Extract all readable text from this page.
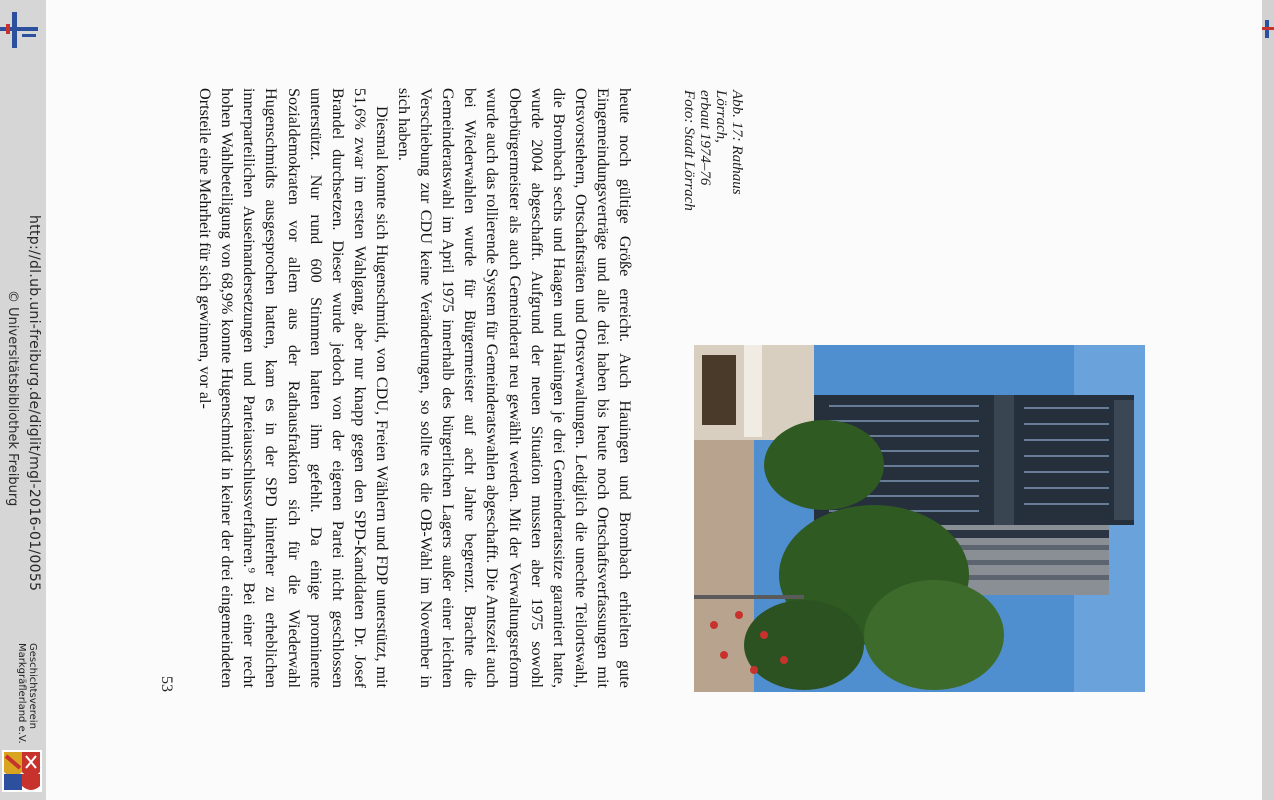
heute noch gültige Größe erreicht. Auch Hauingen und Brombach erhielten gute Eingemeindungsverträge und alle drei haben bis heute noch Ortschaftsverfassungen mit Ortsvorstehern, Ortschaftsräten und Ortsverwaltungen. Lediglich die unechte Teilortswahl, die Brombach sechs und Haagen und Hauingen je drei Gemeinderatssitze garantiert hatte, wurde 2004 abgeschafft. Aufgrund der neuen Situation mussten aber 1975 sowohl Oberbürgermeister als auch Gemeinderat neu gewählt werden. Mit der Verwaltungsreform wurde auch das rollierende System für Gemeinderatswahlen abgeschafft. Die Amtszeit auch bei Wiederwahlen wurde für Bürgermeister auf acht Jahre begrenzt. Brachte die Gemeinderatswahl im April 1975 innerhalb des bürgerlichen Lagers außer einer leichten Verschiebung zur CDU keine Veränderungen, so sollte es die OB-Wahl im November in sich haben.

Diesmal konnte sich Hugenschmidt, von CDU, Freien Wählern und FDP unterstützt, mit 51,6% zwar im ersten Wahlgang, aber nur knapp gegen den SPD-Kandidaten Dr. Josef Brandel durchsetzen. Dieser wurde jedoch von der eigenen Partei nicht geschlossen unterstützt. Nur rund 600 Stimmen hatten ihm gefehlt. Da einige prominente Sozialdemokraten vor allem aus der Rathausfraktion sich für die Wiederwahl Hugenschmidts ausgesprochen hatten, kam es in der SPD hinterher zu erheblichen innerparteilichen Auseinandersetzungen und Parteiausschlussverfahren.⁹ Bei einer recht hohen Wahlbeteiligung von 68,9% konnte Hugenschmidt in keiner der drei eingemeindeten Ortsteile eine Mehrheit für sich gewinnen, vor al-	Abb. 17: Rathaus Lörrach,
erbaut 1974–76
Foto: Stadt Lörrach
53
http://dl.ub.uni-freiburg.de/diglit/mgl-2016-01/0055
© Universitätsbibliothek Freiburg
Geschichtsverein
Markgräflerland e.V.
